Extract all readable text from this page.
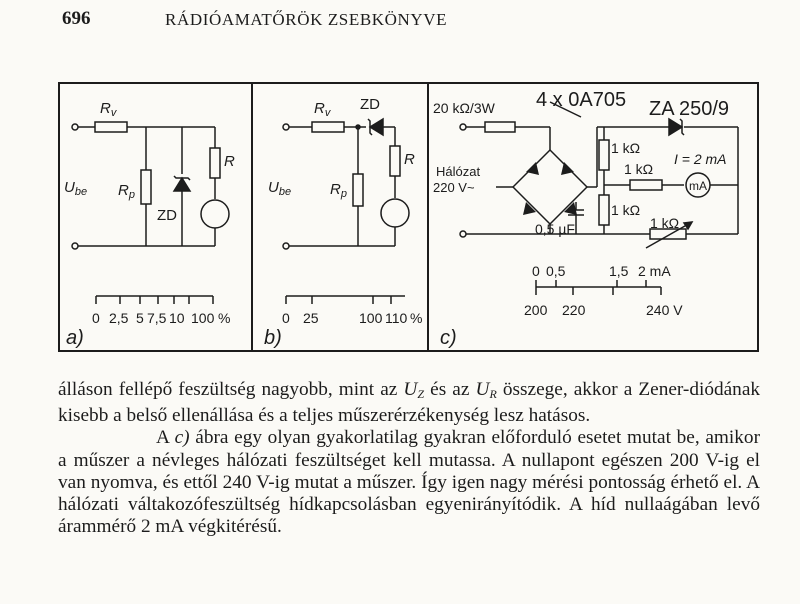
696	RÁDIÓAMATŐRÖK ZSEBKÖNYVE
$R_v$
$R_p$
R
ZD
$U_{be}$
0 2,5 5 7,5 10 100 %
a)
$R_v$ ZD
$R_p$
R
$U_{be}$
0 25	100 110 %
b)
20 kΩ/3W 4 x 0A705 ZA 250/9
Hálózat
220 V~
1 kΩ
1 kΩ
I = 2 mA
mA
1 kΩ
0,5 µF	1 kΩ
0 0,5	1,5 2 mA
200 220	240 V
c)

álláson fellépő feszültség nagyobb, mint az $U_Z$ és az $U_R$ összege, akkor a Zener-diódának kisebb a belső ellenállása és a teljes műszerérzékenység lesz hatásos.

A c) ábra egy olyan gyakorlatilag gyakran előforduló esetet mutat be, amikor a műszer a névleges hálózati feszültséget kell mutassa. A nullapont egészen 200 V-ig el van nyomva, és ettől 240 V-ig mutat a műszer. Így igen nagy mérési pontosság érhető el. A hálózati váltakozófeszültség hídkapcsolásban egyenirányítódik. A híd nullaágában levő árammérő 2 mA végkitérésű.
